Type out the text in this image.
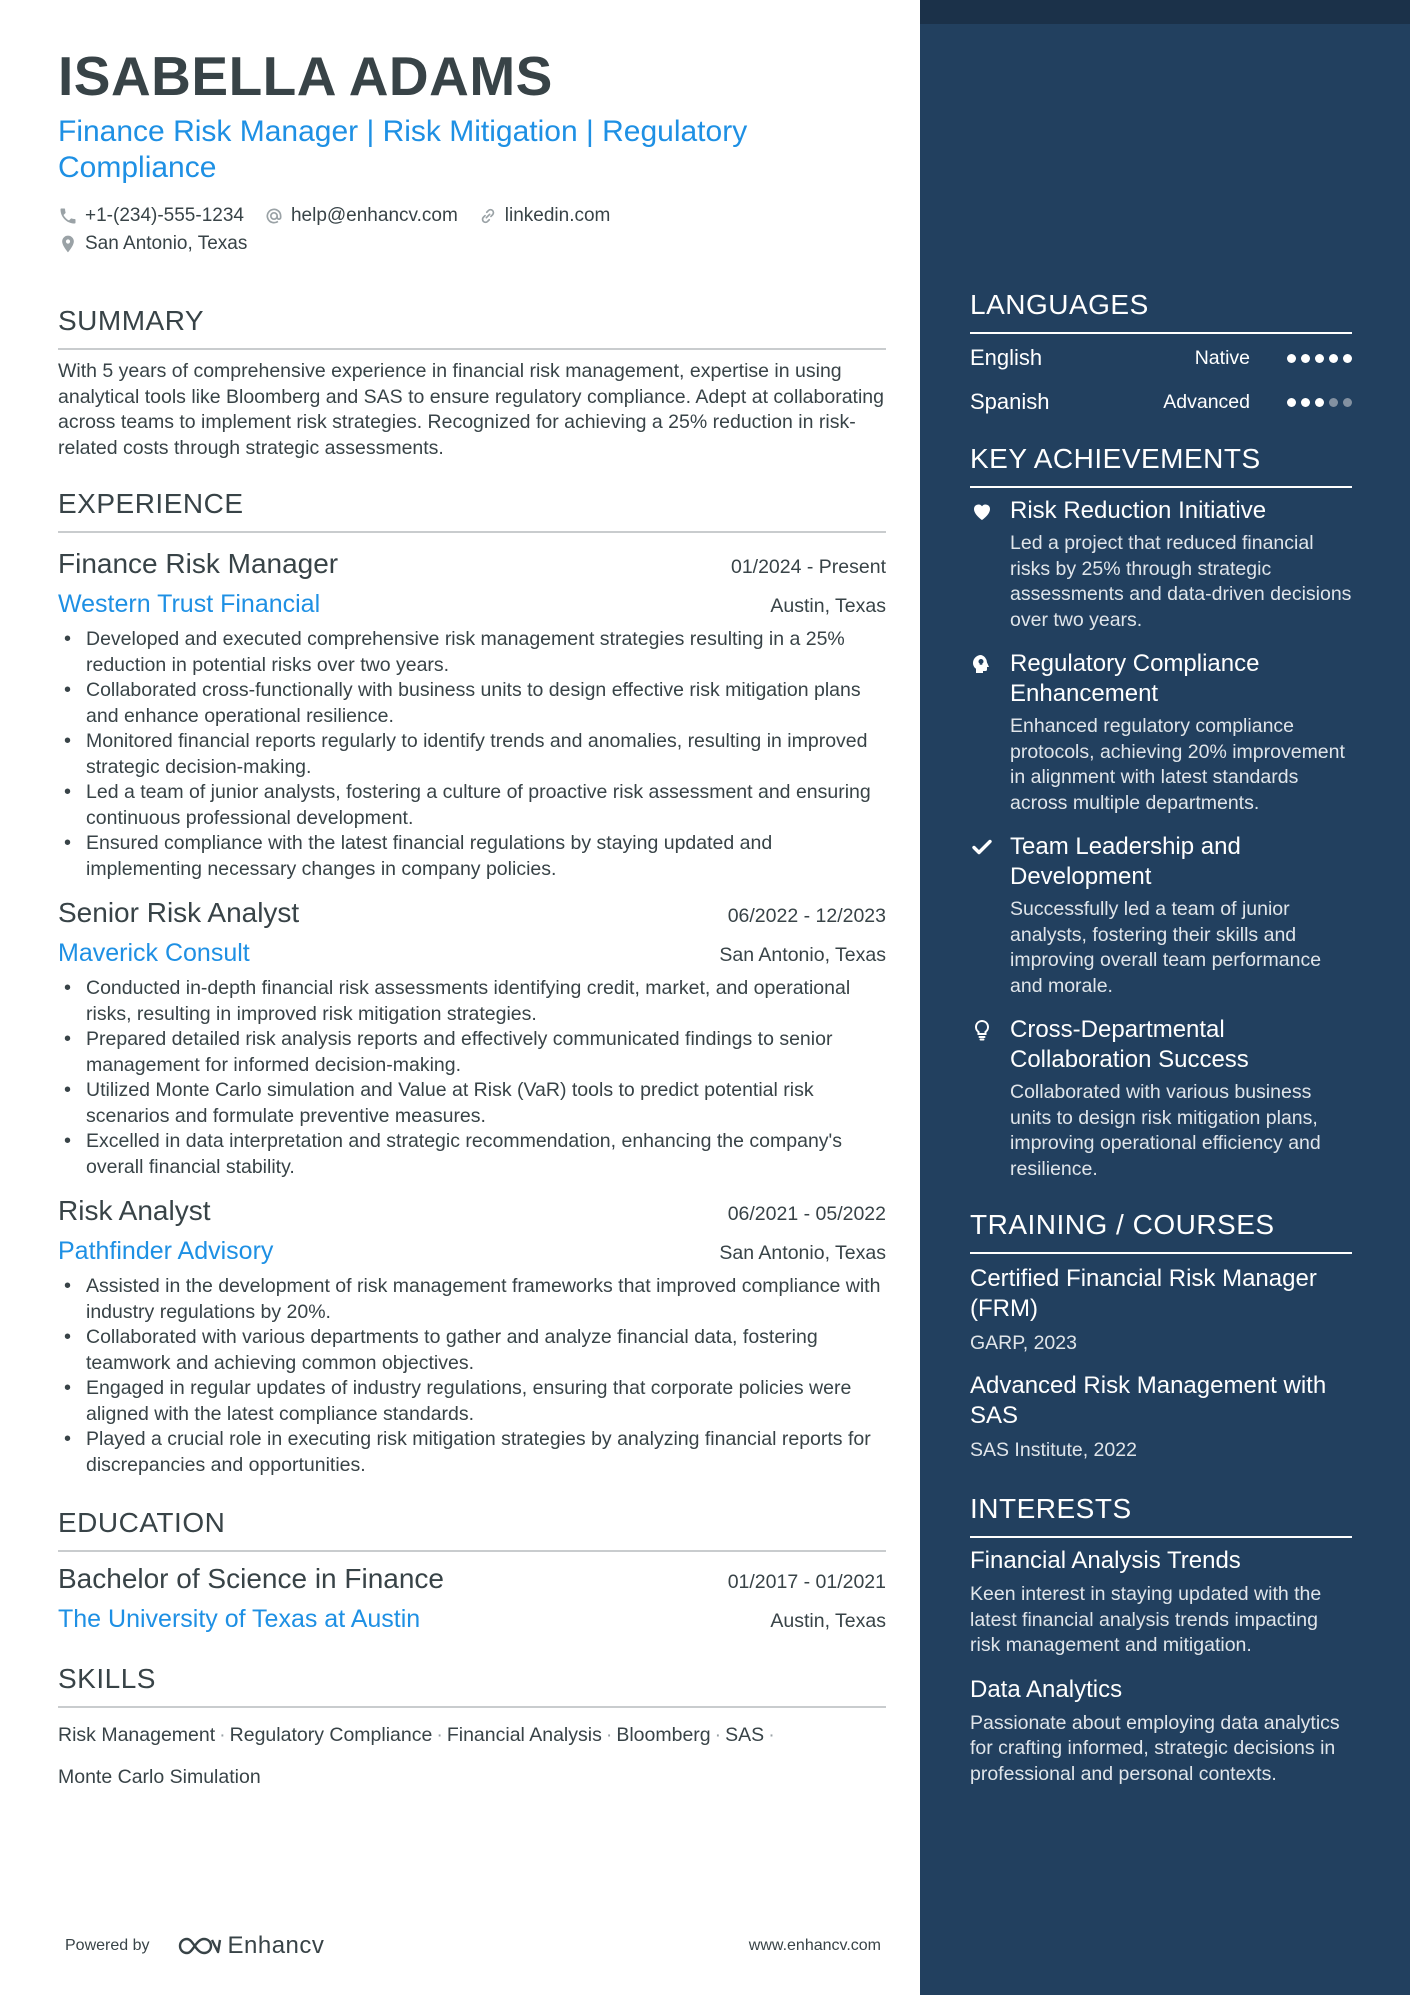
ISABELLA ADAMS
Finance Risk Manager | Risk Mitigation | Regulatory Compliance
+1-(234)-555-1234 help@enhancv.com linkedin.com
San Antonio, Texas
SUMMARY
With 5 years of comprehensive experience in financial risk management, expertise in using analytical tools like Bloomberg and SAS to ensure regulatory compliance. Adept at collaborating across teams to implement risk strategies. Recognized for achieving a 25% reduction in risk-related costs through strategic assessments.
EXPERIENCE
Finance Risk Manager	01/2024 - Present
Western Trust Financial	Austin, Texas
• Developed and executed comprehensive risk management strategies resulting in a 25% reduction in potential risks over two years.
• Collaborated cross-functionally with business units to design effective risk mitigation plans and enhance operational resilience.
• Monitored financial reports regularly to identify trends and anomalies, resulting in improved strategic decision-making.
• Led a team of junior analysts, fostering a culture of proactive risk assessment and ensuring continuous professional development.
• Ensured compliance with the latest financial regulations by staying updated and implementing necessary changes in company policies.
Senior Risk Analyst	06/2022 - 12/2023
Maverick Consult	San Antonio, Texas
• Conducted in-depth financial risk assessments identifying credit, market, and operational risks, resulting in improved risk mitigation strategies.
• Prepared detailed risk analysis reports and effectively communicated findings to senior management for informed decision-making.
• Utilized Monte Carlo simulation and Value at Risk (VaR) tools to predict potential risk scenarios and formulate preventive measures.
• Excelled in data interpretation and strategic recommendation, enhancing the company's overall financial stability.
Risk Analyst	06/2021 - 05/2022
Pathfinder Advisory	San Antonio, Texas
• Assisted in the development of risk management frameworks that improved compliance with industry regulations by 20%.
• Collaborated with various departments to gather and analyze financial data, fostering teamwork and achieving common objectives.
• Engaged in regular updates of industry regulations, ensuring that corporate policies were aligned with the latest compliance standards.
• Played a crucial role in executing risk mitigation strategies by analyzing financial reports for discrepancies and opportunities.
EDUCATION
Bachelor of Science in Finance	01/2017 - 01/2021
The University of Texas at Austin	Austin, Texas
SKILLS
Risk Management · Regulatory Compliance · Financial Analysis · Bloomberg · SAS ·
Monte Carlo Simulation
Powered by	Enhancv	www.enhancv.com
LANGUAGES
English	Native
Spanish	Advanced
KEY ACHIEVEMENTS
Risk Reduction Initiative
Led a project that reduced financial risks by 25% through strategic assessments and data-driven decisions over two years.
Regulatory Compliance Enhancement
Enhanced regulatory compliance protocols, achieving 20% improvement in alignment with latest standards across multiple departments.
Team Leadership and Development
Successfully led a team of junior analysts, fostering their skills and improving overall team performance and morale.
Cross-Departmental Collaboration Success
Collaborated with various business units to design risk mitigation plans, improving operational efficiency and resilience.
TRAINING / COURSES
Certified Financial Risk Manager (FRM)
GARP, 2023
Advanced Risk Management with SAS
SAS Institute, 2022
INTERESTS
Financial Analysis Trends
Keen interest in staying updated with the latest financial analysis trends impacting risk management and mitigation.
Data Analytics
Passionate about employing data analytics for crafting informed, strategic decisions in professional and personal contexts.
